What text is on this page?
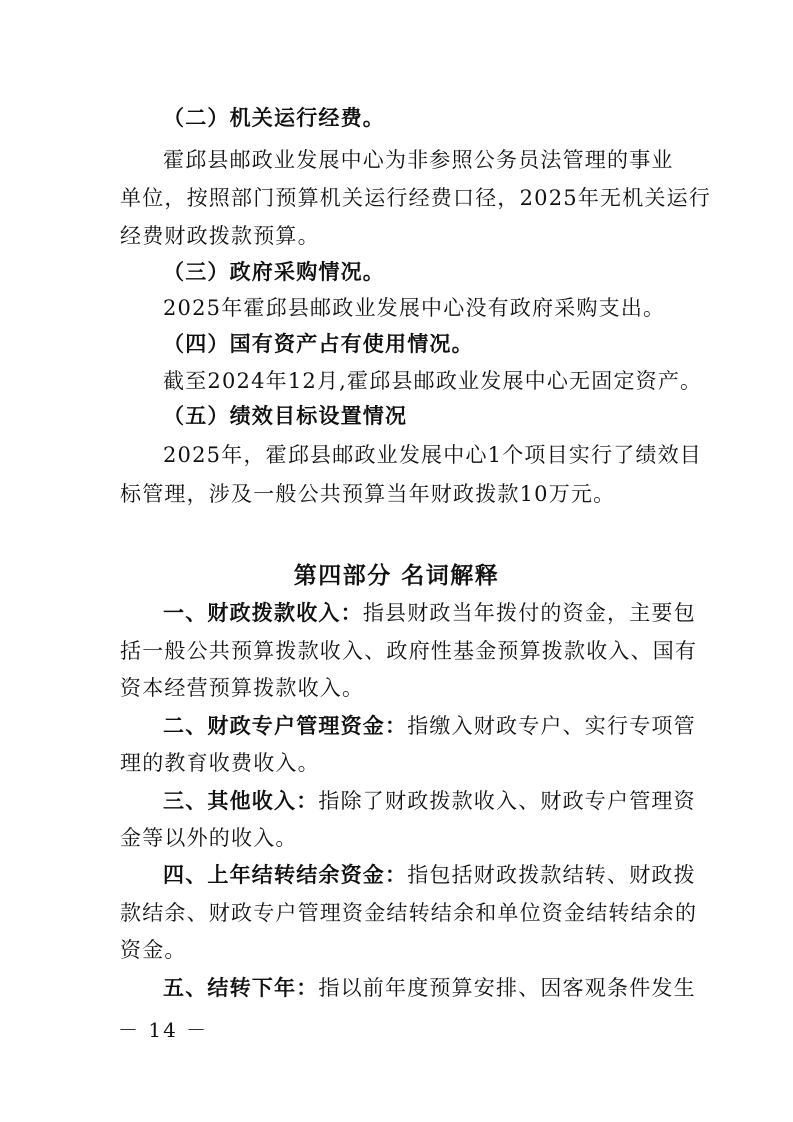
（二）机关运行经费。

霍邱县邮政业发展中心为非参照公务员法管理的事业

单位，按照部门预算机关运行经费口径，2025年无机关运行

经费财政拨款预算。

（三）政府采购情况。

2025年霍邱县邮政业发展中心没有政府采购支出。

（四）国有资产占有使用情况。

截至2024年12月,霍邱县邮政业发展中心无固定资产。

（五）绩效目标设置情况

2025年，霍邱县邮政业发展中心1个项目实行了绩效目

标管理，涉及一般公共预算当年财政拨款10万元。

第四部分 名词解释

一、财政拨款收入：指县财政当年拨付的资金，主要包

括一般公共预算拨款收入、政府性基金预算拨款收入、国有

资本经营预算拨款收入。

二、财政专户管理资金：指缴入财政专户、实行专项管

理的教育收费收入。

三、其他收入：指除了财政拨款收入、财政专户管理资

金等以外的收入。

四、上年结转结余资金：指包括财政拨款结转、财政拨

款结余、财政专户管理资金结转结余和单位资金结转结余的

资金。

五、结转下年：指以前年度预算安排、因客观条件发生

－ 14 －
